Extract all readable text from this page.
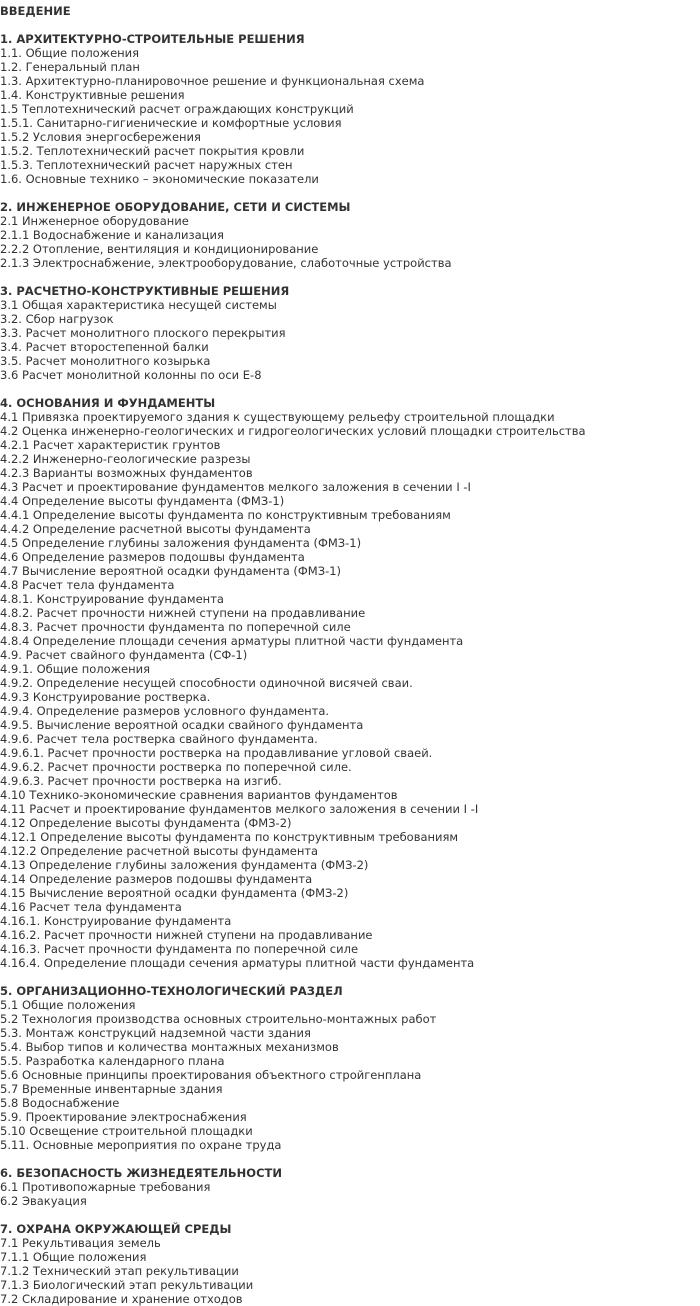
ВВЕДЕНИЕ
1. АРХИТЕКТУРНО-СТРОИТЕЛЬНЫЕ РЕШЕНИЯ
1.1. Общие положения
1.2. Генеральный план
1.3. Архитектурно-планировочное решение и функциональная схема
1.4. Конструктивные решения
1.5 Теплотехнический расчет ограждающих конструкций
1.5.1. Санитарно-гигиенические и комфортные условия
1.5.2 Условия энергосбережения
1.5.2. Теплотехнический расчет покрытия кровли
1.5.3. Теплотехнический расчет наружных стен
1.6. Основные технико – экономические показатели
2. ИНЖЕНЕРНОЕ ОБОРУДОВАНИЕ, СЕТИ И СИСТЕМЫ
2.1 Инженерное оборудование
2.1.1 Водоснабжение и канализация
2.2.2 Отопление, вентиляция и кондиционирование
2.1.3 Электроснабжение, электрооборудование, слаботочные устройства
3. РАСЧЕТНО-КОНСТРУКТИВНЫЕ РЕШЕНИЯ
3.1 Общая характеристика несущей системы
3.2. Сбор нагрузок
3.3. Расчет монолитного плоского перекрытия
3.4. Расчет второстепенной балки
3.5. Расчет монолитного козырька
3.6 Расчет монолитной колонны по оси Е-8
4. ОСНОВАНИЯ И ФУНДАМЕНТЫ
4.1 Привязка проектируемого здания к существующему рельефу строительной площадки
4.2 Оценка инженерно-геологических и гидрогеологических условий площадки строительства
4.2.1 Расчет характеристик грунтов
4.2.2 Инженерно-геологические разрезы
4.2.3 Варианты возможных фундаментов
4.3 Расчет и проектирование фундаментов мелкого заложения в сечении I -I
4.4 Определение высоты фундамента (ФМЗ-1)
4.4.1 Определение высоты фундамента по конструктивным требованиям
4.4.2 Определение расчетной высоты фундамента
4.5 Определение глубины заложения фундамента (ФМЗ-1)
4.6 Определение размеров подошвы фундамента
4.7 Вычисление вероятной осадки фундамента (ФМЗ-1)
4.8 Расчет тела фундамента
4.8.1. Конструирование фундамента
4.8.2. Расчет прочности нижней ступени на продавливание
4.8.3. Расчет прочности фундамента по поперечной силе
4.8.4 Определение площади сечения арматуры плитной части фундамента
4.9. Расчет свайного фундамента (СФ-1)
4.9.1. Общие положения
4.9.2. Определение несущей способности одиночной висячей сваи.
4.9.3 Конструирование ростверка.
4.9.4. Определение размеров условного фундамента.
4.9.5. Вычисление вероятной осадки свайного фундамента
4.9.6. Расчет тела ростверка свайного фундамента.
4.9.6.1. Расчет прочности ростверка на продавливание угловой сваей.
4.9.6.2. Расчет прочности ростверка по поперечной силе.
4.9.6.3. Расчет прочности ростверка на изгиб.
4.10 Технико-экономические сравнения вариантов фундаментов
4.11 Расчет и проектирование фундаментов мелкого заложения в сечении I -I
4.12 Определение высоты фундамента (ФМЗ-2)
4.12.1 Определение высоты фундамента по конструктивным требованиям
4.12.2 Определение расчетной высоты фундамента
4.13 Определение глубины заложения фундамента (ФМЗ-2)
4.14 Определение размеров подошвы фундамента
4.15 Вычисление вероятной осадки фундамента (ФМЗ-2)
4.16 Расчет тела фундамента
4.16.1. Конструирование фундамента
4.16.2. Расчет прочности нижней ступени на продавливание
4.16.3. Расчет прочности фундамента по поперечной силе
4.16.4. Определение площади сечения арматуры плитной части фундамента
5. ОРГАНИЗАЦИОННО-ТЕХНОЛОГИЧЕСКИЙ РАЗДЕЛ
5.1 Общие положения
5.2 Технология производства основных строительно-монтажных работ
5.3. Монтаж конструкций надземной части здания
5.4. Выбор типов и количества монтажных механизмов
5.5. Разработка календарного плана
5.6 Основные принципы проектирования объектного стройгенплана
5.7 Временные инвентарные здания
5.8 Водоснабжение
5.9. Проектирование электроснабжения
5.10 Освещение строительной площадки
5.11. Основные мероприятия по охране труда
6. БЕЗОПАСНОСТЬ ЖИЗНЕДЕЯТЕЛЬНОСТИ
6.1 Противопожарные требования
6.2 Эвакуация
7. ОХРАНА ОКРУЖАЮЩЕЙ СРЕДЫ
7.1 Рекультивация земель
7.1.1 Общие положения
7.1.2 Технический этап рекультивации
7.1.3 Биологический этап рекультивации
7.2 Складирование и хранение отходов
